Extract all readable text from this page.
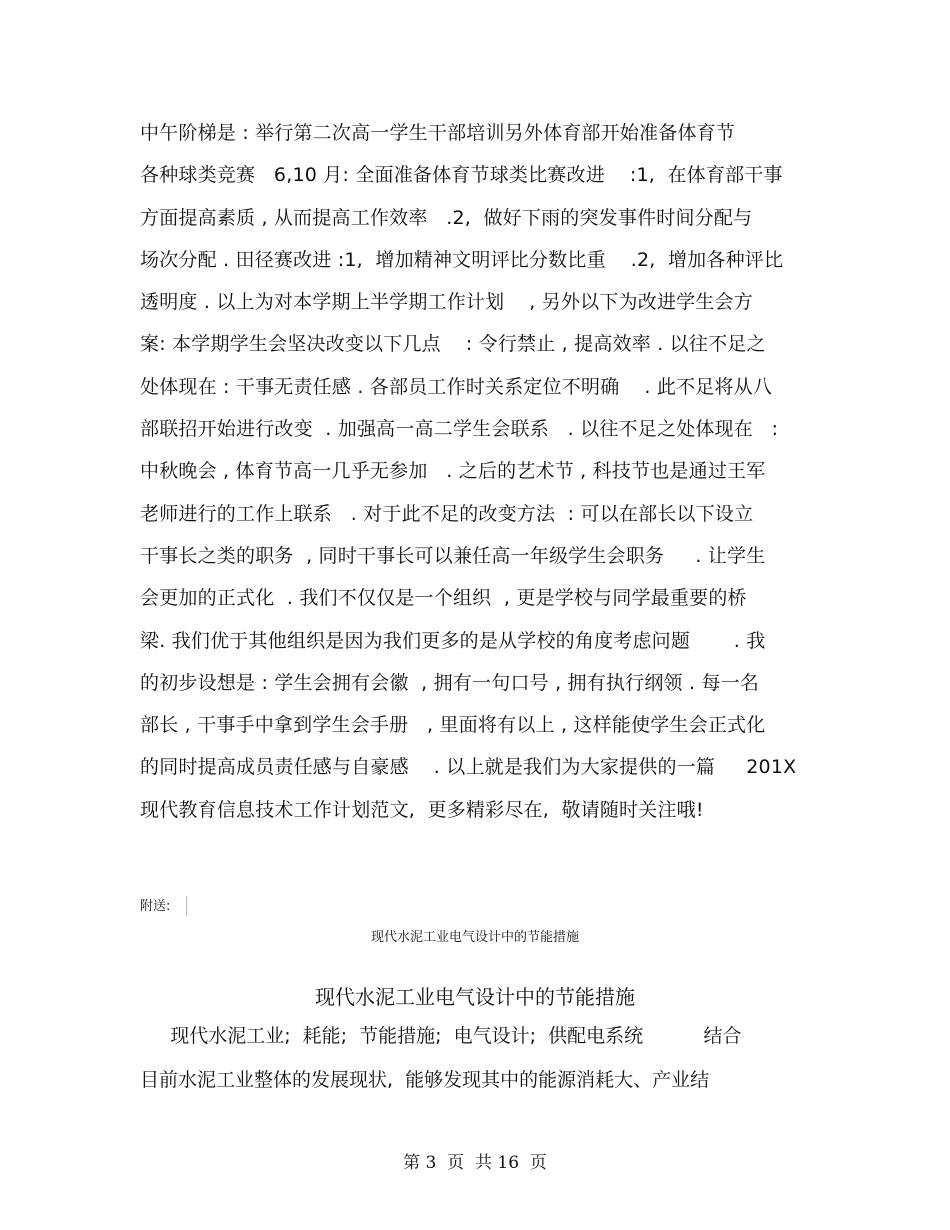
中午阶梯是 : 举行第二次高一学生干部培训另外体育部开始准备体育节
各种球类竞赛   6,10 月: 全面准备体育节球类比赛改进    :1,  在体育部干事
方面提高素质 , 从而提高工作效率   .2,  做好下雨的突发事件时间分配与
场次分配 . 田径赛改进 :1,  增加精神文明评比分数比重    .2,  增加各种评比
透明度 . 以上为对本学期上半学期工作计划    , 另外以下为改进学生会方
案: 本学期学生会坚决改变以下几点    : 令行禁止 , 提高效率 . 以往不足之
处体现在 : 干事无责任感 . 各部员工作时关系定位不明确    . 此不足将从八
部联招开始进行改变  . 加强高一高二学生会联系   . 以往不足之处体现在   :
中秋晚会 , 体育节高一几乎无参加   . 之后的艺术节 , 科技节也是通过王军
老师进行的工作上联系   . 对于此不足的改变方法  : 可以在部长以下设立
干事长之类的职务  , 同时干事长可以兼任高一年级学生会职务     . 让学生
会更加的正式化  . 我们不仅仅是一个组织  , 更是学校与同学最重要的桥
梁. 我们优于其他组织是因为我们更多的是从学校的角度考虑问题       . 我
的初步设想是 : 学生会拥有会徽  , 拥有一句口号 , 拥有执行纲领 . 每一名
部长 , 干事手中拿到学生会手册   , 里面将有以上 , 这样能使学生会正式化
的同时提高成员责任感与自豪感    . 以上就是我们为大家提供的一篇     201X
现代教育信息技术工作计划范文,  更多精彩尽在,  敬请随时关注哦!
附送:
现代水泥工业电气设计中的节能措施
现代水泥工业电气设计中的节能措施
现代水泥工业;  耗能;  节能措施;  电气设计;  供配电系统          结合
目前水泥工业整体的发展现状,  能够发现其中的能源消耗大、产业结
第 3  页  共 16  页
